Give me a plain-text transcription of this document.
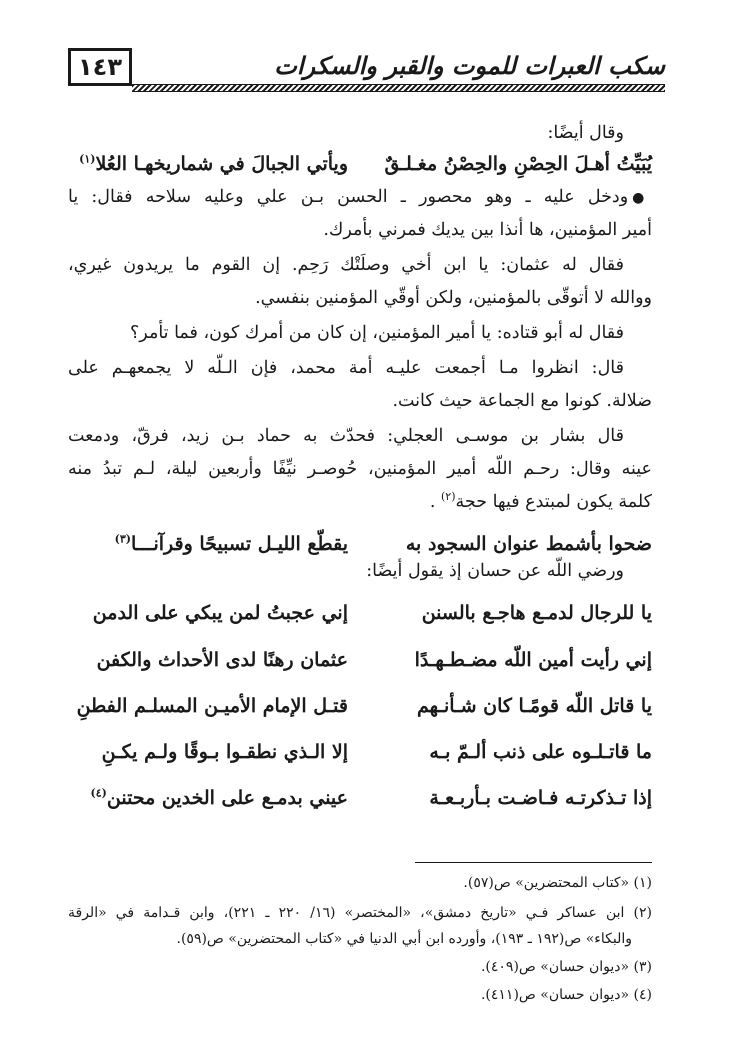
١٤٣	سكب العبرات للموت والقبر والسكرات
وقال أيضًا:
يُبَيِّتُ أهـلَ الحِصْنِ والحِصْنُ مغـلـقٌ
ويأتي الجبالَ في شماريخهـا العُلا$^{(١)}$
●ودخل عليه ـ وهو محصور ـ الحسن بـن علي وعليه سلاحه فقال: يا
أمير المؤمنين، ها أنذا بين يديك فمرني بأمرك.
فقال له عثمان: يا ابن أخي وصلَتْك رَحِم. إن القوم ما يريدون غيري،
ووالله لا أتوقّى بالمؤمنين، ولكن أوقّي المؤمنين بنفسي.
فقال له أبو قتاده: يا أمير المؤمنين، إن كان من أمرك كون، فما تأمر؟
قال: انظروا مـا أجمعت عليـه أمة محمد، فإن الـلّه لا يجمعهـم على
ضلالة. كونوا مع الجماعة حيث كانت.
قال بشار بن موسـى العجلي: فحدّث به حماد بـن زيد، فرقّ، ودمعت
عينه وقال: رحـم اللّه أمير المؤمنين، حُوصـر نيِّفًا وأربعين ليلة، لـم تبدُ منه
كلمة يكون لمبتدع فيها حجة$^{(٢)}$ .
ضحوا بأشمط عنوان السجود به
يقطّع الليـل تسبيحًا وقرآنـــا$^{(٣)}$
ورضي اللّه عن حسان إذ يقول أيضًا:
يا للرجال لدمـع هاجـع بالسنن
إني عجبتُ لمن يبكي على الدمن
إني رأيت أمين اللّه مضـطـهـدًا
عثمان رهنًا لدى الأحداث والكفن
يا قاتل اللّه قومًـا كان شـأنـهم
قتـل الإمام الأميـن المسلـم الفطنِ
ما قاتـلـوه على ذنب ألـمّ بـه
إلا الـذي نطقـوا بـوقًا ولـم يكـنِ
إذا تـذكرتـه فـاضـت بـأربـعـة
عيني بدمـع على الخدين محتنن$^{(٤)}$
(١) «كتاب المحتضرين» ص(٥٧).
(٢) ابن عساكر فـي «تاريخ دمشق»، «المختصر» (١٦/ ٢٢٠ ـ ٢٢١)، وابن قـدامة في «الرقة
والبكاء» ص(١٩٢ ـ ١٩٣)، وأورده ابن أبي الدنيا في «كتاب المحتضرين» ص(٥٩).
(٣) «ديوان حسان» ص(٤٠٩).
(٤) «ديوان حسان» ص(٤١١).
